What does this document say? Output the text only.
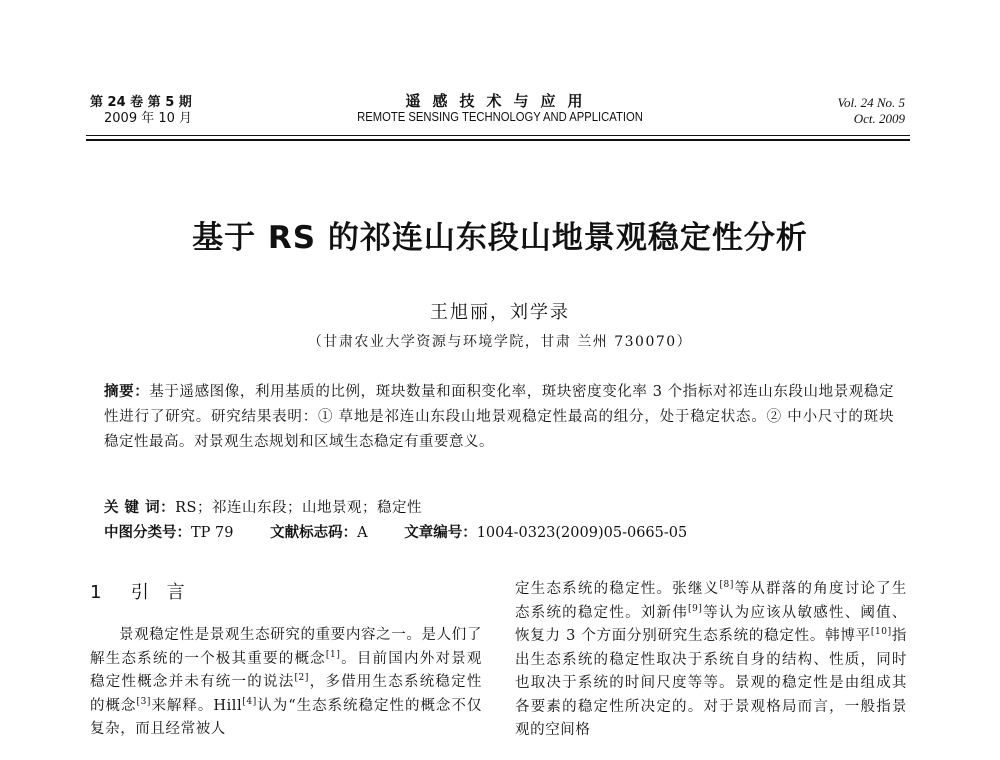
第 24 卷 第 5 期
2009 年 10 月
遥感技术与应用
REMOTE SENSING TECHNOLOGY AND APPLICATION
Vol. 24 No. 5
Oct. 2009
基于 RS 的祁连山东段山地景观稳定性分析
王旭丽，刘学录
（甘肃农业大学资源与环境学院，甘肃 兰州 730070）
摘要：基于遥感图像，利用基质的比例，斑块数量和面积变化率，斑块密度变化率 3 个指标对祁连山东段山地景观稳定性进行了研究。研究结果表明：① 草地是祁连山东段山地景观稳定性最高的组分，处于稳定状态。② 中小尺寸的斑块稳定性最高。对景观生态规划和区域生态稳定有重要意义。
关 键 词：RS；祁连山东段；山地景观；稳定性
中图分类号：TP 79	文献标志码：A	文章编号：1004-0323(2009)05-0665-05
1 引 言

景观稳定性是景观生态研究的重要内容之一。是人们了解生态系统的一个极其重要的概念[1]。目前国内外对景观稳定性概念并未有统一的说法[2]，多借用生态系统稳定性的概念[3]来解释。Hill[4]认为“生态系统稳定性的概念不仅复杂，而且经常被人

定生态系统的稳定性。张继义[8]等从群落的角度讨论了生态系统的稳定性。刘新伟[9]等认为应该从敏感性、阈值、恢复力 3 个方面分别研究生态系统的稳定性。韩博平[10]指出生态系统的稳定性取决于系统自身的结构、性质，同时也取决于系统的时间尺度等等。景观的稳定性是由组成其各要素的稳定性所决定的。对于景观格局而言，一般指景观的空间格
